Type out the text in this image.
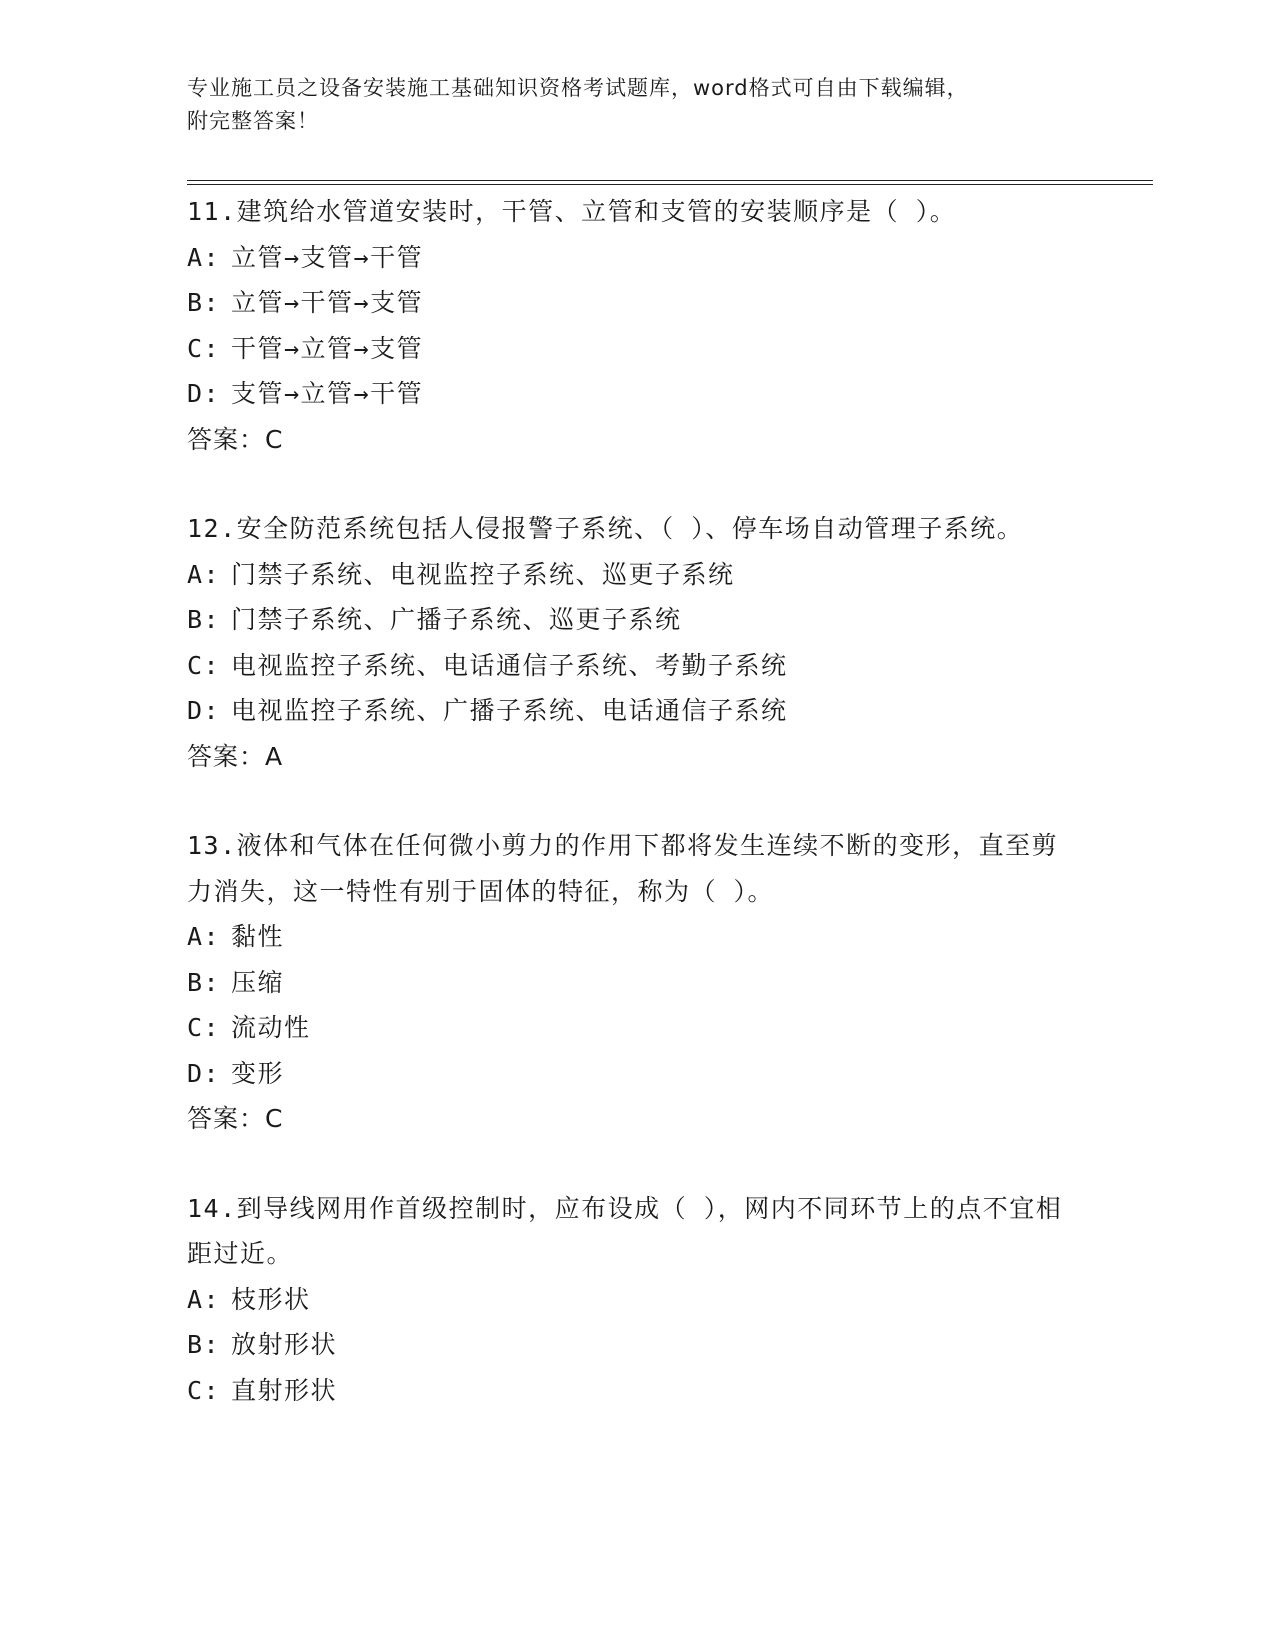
专业施工员之设备安装施工基础知识资格考试题库，word格式可自由下载编辑，
附完整答案！
11.建筑给水管道安装时，干管、立管和支管的安装顺序是（ ）。
A: 立管→支管→干管
B: 立管→干管→支管
C: 干管→立管→支管
D: 支管→立管→干管
答案：C
12.安全防范系统包括人侵报警子系统、（ ）、停车场自动管理子系统。
A: 门禁子系统、电视监控子系统、巡更子系统
B: 门禁子系统、广播子系统、巡更子系统
C: 电视监控子系统、电话通信子系统、考勤子系统
D: 电视监控子系统、广播子系统、电话通信子系统
答案：A
13.液体和气体在任何微小剪力的作用下都将发生连续不断的变形，直至剪力消失，这一特性有别于固体的特征，称为（ ）。
A: 黏性
B: 压缩
C: 流动性
D: 变形
答案：C
14.到导线网用作首级控制时，应布设成（ ），网内不同环节上的点不宜相距过近。
A: 枝形状
B: 放射形状
C: 直射形状
